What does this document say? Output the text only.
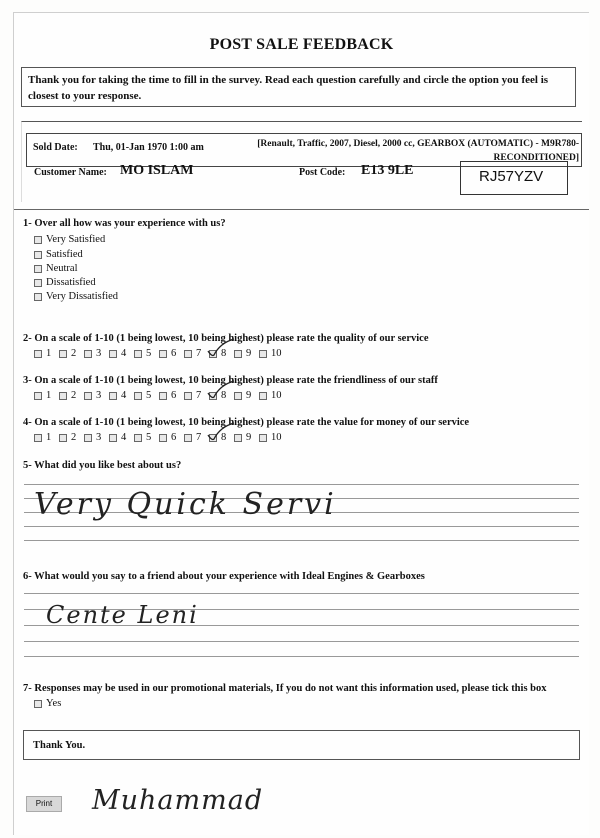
POST SALE FEEDBACK
Thank you for taking the time to fill in the survey. Read each question carefully and circle the option you feel is closest to your response.
Sold Date: Thu, 01-Jan 1970 1:00 am	[Renault, Traffic, 2007, Diesel, 2000 cc, GEARBOX (AUTOMATIC) - M9R780-RECONDITIONED]
Customer Name: MO ISLAM	Post Code: E13 9LE	RJ57YZV
1- Over all how was your experience with us?
Very Satisfied
Satisfied
Neutral
Dissatisfied
Very Dissatisfied
2- On a scale of 1-10 (1 being lowest, 10 being highest) please rate the quality of our service
1 2 3 4 5 6 7 8 9 10
3- On a scale of 1-10 (1 being lowest, 10 being highest) please rate the friendliness of our staff
1 2 3 4 5 6 7 8 9 10
4- On a scale of 1-10 (1 being lowest, 10 being highest) please rate the value for money of our service
1 2 3 4 5 6 7 8 9 10
5- What did you like best about us?
Very Quick Servi
6- What would you say to a friend about your experience with Ideal Engines & Gearboxes
Cente Leni
7- Responses may be used in our promotional materials, If you do not want this information used, please tick this box
Yes
Thank You.
Print	Muhammad
